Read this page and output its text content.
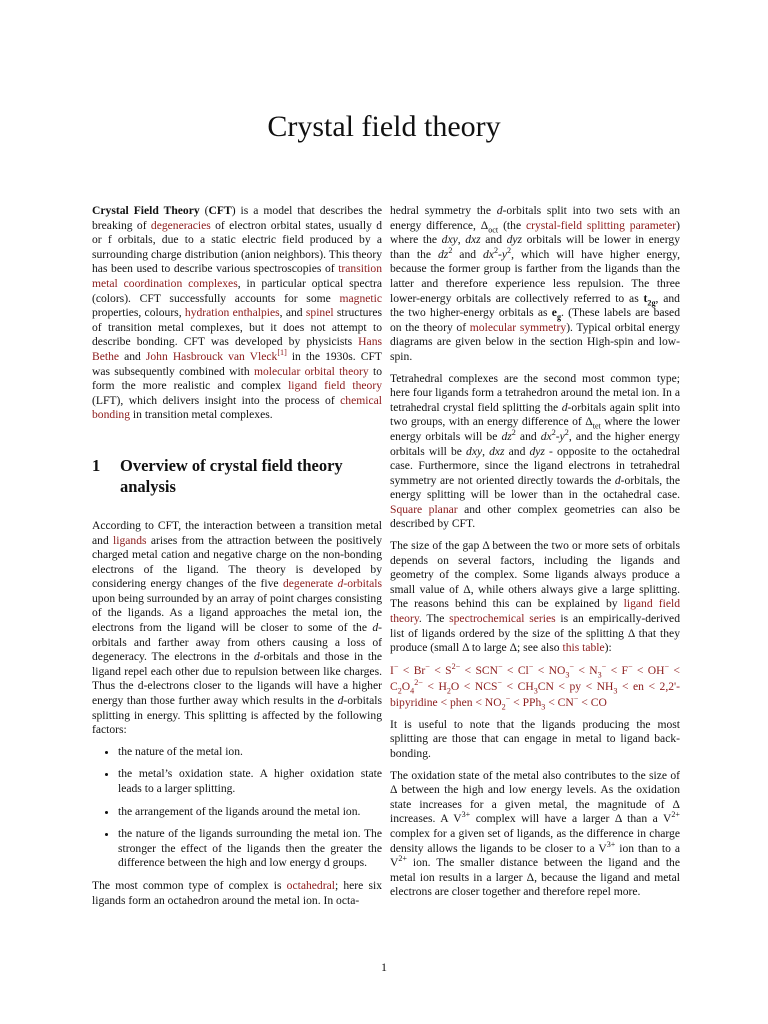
Crystal field theory

Crystal Field Theory (CFT) is a model that describes the breaking of degeneracies of electron orbital states, usually d or f orbitals, due to a static electric field produced by a surrounding charge distribution (anion neighbors). This theory has been used to describe various spectroscopies of transition metal coordination complexes, in particular optical spectra (colors). CFT successfully accounts for some magnetic properties, colours, hydration enthalpies, and spinel structures of transition metal complexes, but it does not attempt to describe bonding. CFT was developed by physicists Hans Bethe and John Hasbrouck van Vleck[1] in the 1930s. CFT was subsequently combined with molecular orbital theory to form the more realistic and complex ligand field theory (LFT), which delivers insight into the process of chemical bonding in transition metal complexes.

1	Overview of crystal field theory analysis

According to CFT, the interaction between a transition metal and ligands arises from the attraction between the positively charged metal cation and negative charge on the non-bonding electrons of the ligand. The theory is developed by considering energy changes of the five degenerate d-orbitals upon being surrounded by an array of point charges consisting of the ligands. As a ligand approaches the metal ion, the electrons from the ligand will be closer to some of the d-orbitals and farther away from others causing a loss of degeneracy. The electrons in the d-orbitals and those in the ligand repel each other due to repulsion between like charges. Thus the d-electrons closer to the ligands will have a higher energy than those further away which results in the d-orbitals splitting in energy. This splitting is affected by the following factors:

• the nature of the metal ion.
• the metal’s oxidation state. A higher oxidation state leads to a larger splitting.
• the arrangement of the ligands around the metal ion.
• the nature of the ligands surrounding the metal ion. The stronger the effect of the ligands then the greater the difference between the high and low energy d groups.

The most common type of complex is octahedral; here six ligands form an octahedron around the metal ion. In octa-

hedral symmetry the d-orbitals split into two sets with an energy difference, $\Delta_{oct}$ (the crystal-field splitting parameter) where the dxy, dxz and dyz orbitals will be lower in energy than the $dz^2$ and $dx^2-y^2$, which will have higher energy, because the former group is farther from the ligands than the latter and therefore experience less repulsion. The three lower-energy orbitals are collectively referred to as $t_{2g}$, and the two higher-energy orbitals as $e_g$. (These labels are based on the theory of molecular symmetry). Typical orbital energy diagrams are given below in the section High-spin and low-spin.

Tetrahedral complexes are the second most common type; here four ligands form a tetrahedron around the metal ion. In a tetrahedral crystal field splitting the d-orbitals again split into two groups, with an energy difference of $\Delta_{tet}$ where the lower energy orbitals will be $dz^2$ and $dx^2-y^2$, and the higher energy orbitals will be dxy, dxz and dyz - opposite to the octahedral case. Furthermore, since the ligand electrons in tetrahedral symmetry are not oriented directly towards the d-orbitals, the energy splitting will be lower than in the octahedral case. Square planar and other complex geometries can also be described by CFT.

The size of the gap Δ between the two or more sets of orbitals depends on several factors, including the ligands and geometry of the complex. Some ligands always produce a small value of Δ, while others always give a large splitting. The reasons behind this can be explained by ligand field theory. The spectrochemical series is an empirically-derived list of ligands ordered by the size of the splitting Δ that they produce (small Δ to large Δ; see also this table):

$I^- < Br^- < S^{2-} < SCN^- < Cl^- < NO_3^- < N_3^- < F^- < OH^- < C_2O_4^{2-} < H_2O < NCS^- < CH_3CN$ < py < $NH_3$ < en < 2,2'-bipyridine < phen < $NO_2^- < PPh_3 < CN^-$ < CO

It is useful to note that the ligands producing the most splitting are those that can engage in metal to ligand back-bonding.

The oxidation state of the metal also contributes to the size of Δ between the high and low energy levels. As the oxidation state increases for a given metal, the magnitude of Δ increases. A $V^{3+}$ complex will have a larger Δ than a $V^{2+}$ complex for a given set of ligands, as the difference in charge density allows the ligands to be closer to a $V^{3+}$ ion than to a $V^{2+}$ ion. The smaller distance between the ligand and the metal ion results in a larger Δ, because the ligand and metal electrons are closer together and therefore repel more.

1
